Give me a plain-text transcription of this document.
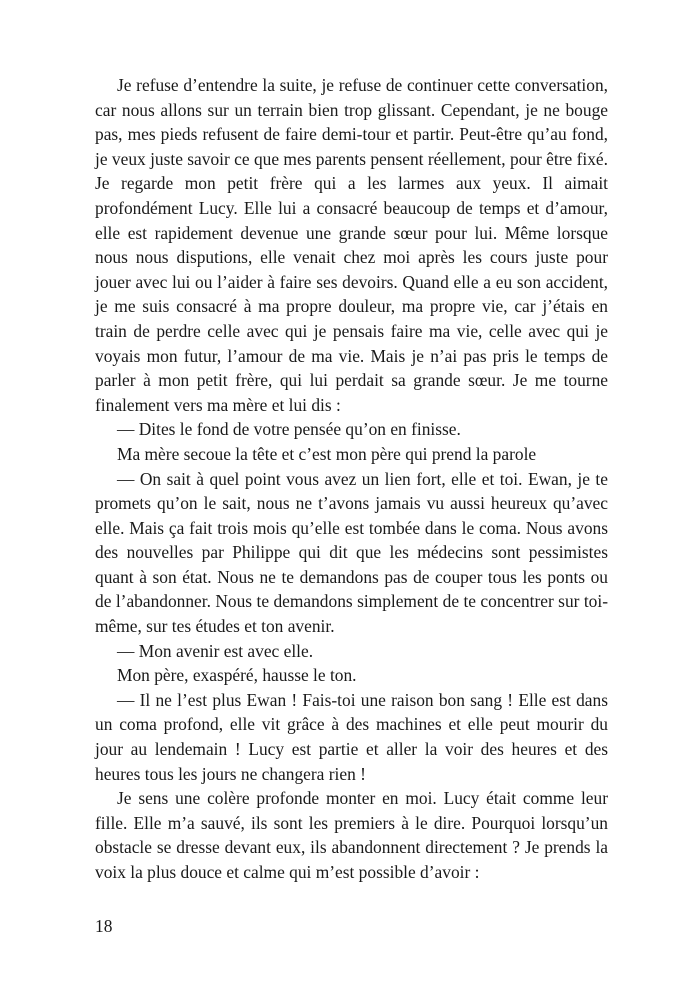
Je refuse d’entendre la suite, je refuse de continuer cette conversation, car nous allons sur un terrain bien trop glissant. Cependant, je ne bouge pas, mes pieds refusent de faire demi-tour et partir. Peut-être qu’au fond, je veux juste savoir ce que mes parents pensent réellement, pour être fixé. Je regarde mon petit frère qui a les larmes aux yeux. Il aimait profondément Lucy. Elle lui a consacré beaucoup de temps et d’amour, elle est rapidement devenue une grande sœur pour lui. Même lorsque nous nous disputions, elle venait chez moi après les cours juste pour jouer avec lui ou l’aider à faire ses devoirs. Quand elle a eu son accident, je me suis consacré à ma propre douleur, ma propre vie, car j’étais en train de perdre celle avec qui je pensais faire ma vie, celle avec qui je voyais mon futur, l’amour de ma vie. Mais je n’ai pas pris le temps de parler à mon petit frère, qui lui perdait sa grande sœur. Je me tourne finalement vers ma mère et lui dis :

— Dites le fond de votre pensée qu’on en finisse.

Ma mère secoue la tête et c’est mon père qui prend la parole

— On sait à quel point vous avez un lien fort, elle et toi. Ewan, je te promets qu’on le sait, nous ne t’avons jamais vu aussi heureux qu’avec elle. Mais ça fait trois mois qu’elle est tombée dans le coma. Nous avons des nouvelles par Philippe qui dit que les médecins sont pessimistes quant à son état. Nous ne te demandons pas de couper tous les ponts ou de l’abandonner. Nous te demandons simplement de te concentrer sur toi-même, sur tes études et ton avenir.

— Mon avenir est avec elle.

Mon père, exaspéré, hausse le ton.

— Il ne l’est plus Ewan ! Fais-toi une raison bon sang ! Elle est dans un coma profond, elle vit grâce à des machines et elle peut mourir du jour au lendemain ! Lucy est partie et aller la voir des heures et des heures tous les jours ne changera rien !

Je sens une colère profonde monter en moi. Lucy était comme leur fille. Elle m’a sauvé, ils sont les premiers à le dire. Pourquoi lorsqu’un obstacle se dresse devant eux, ils abandonnent directement ? Je prends la voix la plus douce et calme qui m’est possible d’avoir :

18
